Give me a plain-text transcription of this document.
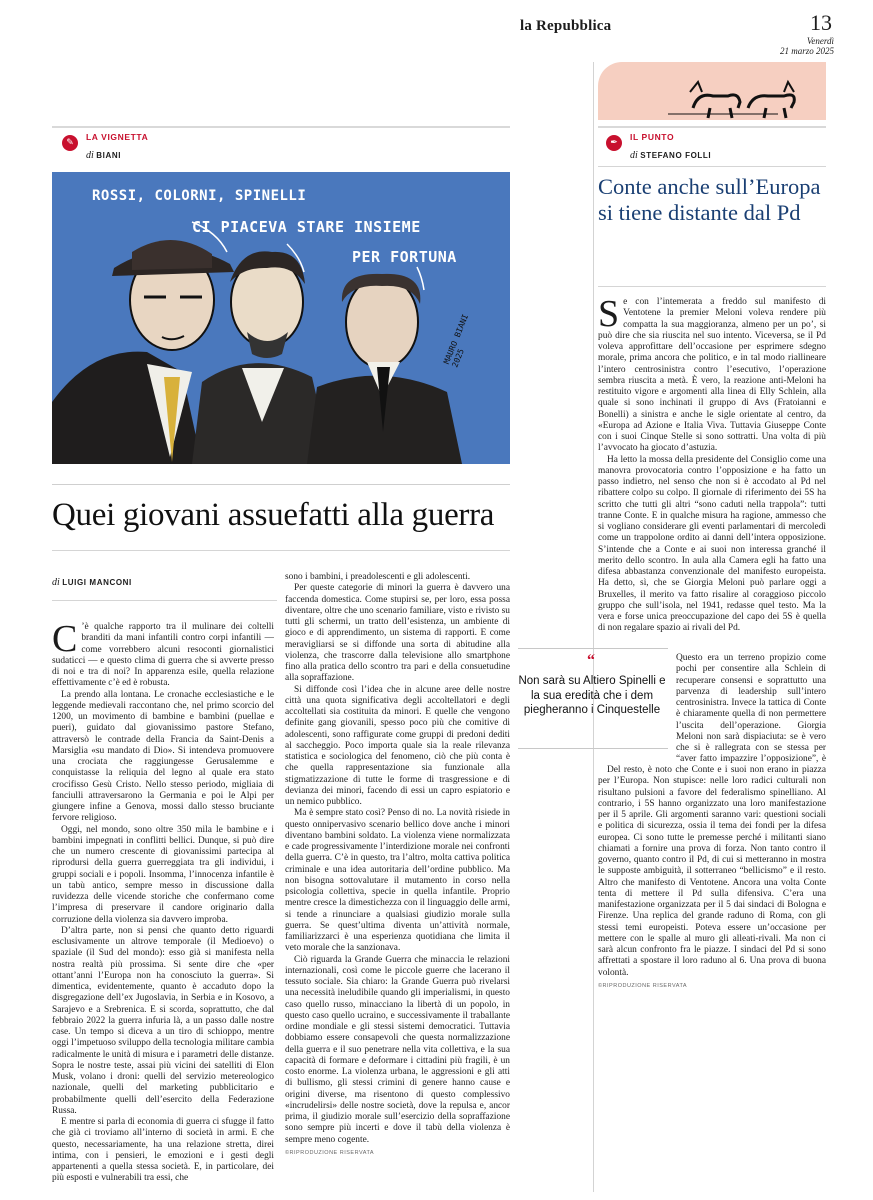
la Repubblica	13
Venerdì
21 marzo 2025
✎
LA VIGNETTA
di BIANI
ROSSI, COLORNI, SPINELLI
CI PIACEVA STARE INSIEME
PER FORTUNA
MAURO BIANI 2025
Quei giovani assuefatti alla guerra
di LUIGI MANCONI

C ’è qualche rapporto tra il mulinare dei coltelli branditi da mani infantili contro corpi infantili — come vorrebbero alcuni resoconti giornalistici sudaticci — e questo clima di guerra che si avverte presso di noi e tra di noi? In apparenza esile, quella relazione effettivamente c’è ed è robusta.

La prendo alla lontana. Le cronache ecclesiastiche e le leggende medievali raccontano che, nel primo scorcio del 1200, un movimento di bambine e bambini (puellae e pueri), guidato dal giovanissimo pastore Stefano, attraversò le contrade della Francia da Saint-Denis a Marsiglia «su mandato di Dio». Si intendeva promuovere una crociata che raggiungesse Gerusalemme e conquistasse la reliquia del legno al quale era stato crocifisso Gesù Cristo. Nello stesso periodo, migliaia di fanciulli attraversarono la Germania e poi le Alpi per giungere infine a Genova, mossi dallo stesso bruciante fervore religioso.

Oggi, nel mondo, sono oltre 350 mila le bambine e i bambini impegnati in conflitti bellici. Dunque, si può dire che un numero crescente di giovanissimi partecipa al riprodursi della guerra guerreggiata tra gli individui, i gruppi sociali e i popoli. Insomma, l’innocenza infantile è un tabù antico, sempre messo in discussione dalla ruvidezza delle vicende storiche che confermano come l’impresa di preservare il candore originario dalla corruzione della violenza sia davvero improba.

D’altra parte, non si pensi che quanto detto riguardi esclusivamente un altrove temporale (il Medioevo) o spaziale (il Sud del mondo): esso già si manifesta nella nostra realtà più prossima. Si sente dire che «per ottant’anni l’Europa non ha conosciuto la guerra». Si dimentica, evidentemente, quanto è accaduto dopo la disgregazione dell’ex Jugoslavia, in Serbia e in Kosovo, a Sarajevo e a Srebrenica. E si scorda, soprattutto, che dal febbraio 2022 la guerra infuria là, a un passo dalle nostre case. Un tempo si diceva a un tiro di schioppo, mentre oggi l’impetuoso sviluppo della tecnologia militare cambia radicalmente le unità di misura e i parametri delle distanze. Sopra le nostre teste, assai più vicini dei satelliti di Elon Musk, volano i droni: quelli del servizio metereologico nazionale, quelli del marketing pubblicitario e probabilmente quelli dell’esercito della Federazione Russa.

E mentre si parla di economia di guerra ci sfugge il fatto che già ci troviamo all’interno di società in armi. E che questo, necessariamente, ha una relazione stretta, direi intima, con i pensieri, le emozioni e i gesti degli appartenenti a quella stessa società. E, in particolare, dei più esposti e vulnerabili tra essi, che

sono i bambini, i preadolescenti e gli adolescenti.

Per queste categorie di minori la guerra è davvero una faccenda domestica. Come stupirsi se, per loro, essa possa diventare, oltre che uno scenario familiare, visto e rivisto su tutti gli schermi, un tratto dell’esistenza, un ambiente di gioco e di apprendimento, un sistema di rapporti. E come meravigliarsi se si diffonde una sorta di abitudine alla violenza, che trascorre dalla televisione allo smartphone fino alla pratica dello scontro tra pari e della consuetudine alla sopraffazione.

Si diffonde così l’idea che in alcune aree delle nostre città una quota significativa degli accoltellatori e degli accoltellati sia costituita da minori. E quelle che vengono definite gang giovanili, spesso poco più che comitive di adolescenti, sono raffigurate come gruppi di predoni dediti al saccheggio. Poco importa quale sia la reale rilevanza statistica e sociologica del fenomeno, ciò che più conta è che quella rappresentazione sia funzionale alla stigmatizzazione di tutte le forme di trasgressione e di devianza dei minori, facendo di essi un capro espiatorio e un nemico pubblico.

Ma è sempre stato così? Penso di no. La novità risiede in questo onnipervasivo scenario bellico dove anche i minori diventano bambini soldato. La violenza viene normalizzata e cade progressivamente l’interdizione morale nei confronti della guerra. C’è in questo, tra l’altro, molta cattiva politica criminale e una idea autoritaria dell’ordine pubblico. Ma non bisogna sottovalutare il mutamento in corso nella psicologia collettiva, specie in quella infantile. Proprio mentre cresce la dimestichezza con il linguaggio delle armi, si tende a rinunciare a qualsiasi giudizio morale sulla guerra. Se quest’ultima diventa un’attività normale, familiarizzarci è una esperienza quotidiana che limita il veto morale che la sanzionava.

Ciò riguarda la Grande Guerra che minaccia le relazioni internazionali, così come le piccole guerre che lacerano il tessuto sociale. Sia chiaro: la Grande Guerra può rivelarsi una necessità ineludibile quando gli imperialismi, in questo caso quello russo, minacciano la libertà di un popolo, in questo caso quello ucraino, e successivamente il traballante ordine mondiale e gli stessi sistemi democratici. Tuttavia dobbiamo essere consapevoli che questa normalizzazione della guerra e il suo penetrare nella vita collettiva, e la sua capacità di formare e deformare i cittadini più fragili, è un costo enorme. La violenza urbana, le aggressioni e gli atti di bullismo, gli stessi crimini di genere hanno cause e origini diverse, ma risentono di questo complessivo «incrudelirsi» delle nostre società, dove la repulsa e, ancor prima, il giudizio morale sull’esercizio della sopraffazione sono sempre più incerti e dove il tabù della violenza è sempre meno cogente.

©RIPRODUZIONE RISERVATA

✒
IL PUNTO
di STEFANO FOLLI
Conte anche sull’Europa si tiene distante dal Pd

Se con l’intemerata a freddo sul manifesto di Ventotene la premier Meloni voleva rendere più compatta la sua maggioranza, almeno per un po’, si può dire che sia riuscita nel suo intento. Viceversa, se il Pd voleva approfittare dell’occasione per esprimere sdegno morale, prima ancora che politico, e in tal modo riallineare l’intero centrosinistra contro l’esecutivo, l’operazione sembra riuscita a metà. È vero, la reazione anti-Meloni ha restituito vigore e argomenti alla linea di Elly Schlein, alla quale si sono inchinati il gruppo di Avs (Fratoianni e Bonelli) a sinistra e anche le sigle orientate al centro, da «Europa ad Azione e Italia Viva. Tuttavia Giuseppe Conte con i suoi Cinque Stelle si sono sottratti. Una volta di più l’avvocato ha giocato d’astuzia.

Ha letto la mossa della presidente del Consiglio come una manovra provocatoria contro l’opposizione e ha fatto un passo indietro, nel senso che non si è accodato al Pd nel ribattere colpo su colpo. Il giornale di riferimento dei 5S ha scritto che tutti gli altri “sono caduti nella trappola”: tutti tranne Conte. E in qualche misura ha ragione, ammesso che si vogliano considerare gli eventi parlamentari di mercoledì come un trappolone ordito ai danni dell’intera opposizione. S’intende che a Conte e ai suoi non interessa granché il merito dello scontro. In aula alla Camera egli ha fatto una difesa abbastanza convenzionale del manifesto europeista. Ha detto, sì, che se Giorgia Meloni può parlare oggi a Bruxelles, il merito va fatto risalire al coraggioso piccolo gruppo che sull’isola, nel 1941, redasse quel testo. Ma la vera e forse unica preoccupazione del capo dei 5S è quella di non regalare spazio ai rivali del Pd.

Questo era un terreno propizio come pochi per consentire alla Schlein di recuperare consensi e soprattutto una parvenza di leadership sull’intero centrosinistra. Invece la tattica di Conte è chiaramente quella di non permettere l’uscita dell’operazione. Giorgia Meloni non sarà dispiaciuta: se è vero che si è rallegrata con se stessa per “aver fatto impazzire l’opposizione”, è

Del resto, è noto che Conte e i suoi non erano in piazza per l’Europa. Non stupisce: nelle loro radici culturali non risultano pulsioni a favore del federalismo spinelliano. Al contrario, i 5S hanno organizzato una loro manifestazione per il 5 aprile. Gli argomenti saranno vari: questioni sociali e politica di sicurezza, ossia il tema dei fondi per la difesa europea. Ci sono tutte le premesse perché i militanti siano chiamati a fornire una prova di forza. Non tanto contro il governo, quanto contro il Pd, di cui si metteranno in mostra le supposte ambiguità, il sotterraneo “bellicismo” e il resto. Altro che manifesto di Ventotene. Ancora una volta Conte tenta di mettere il Pd sulla difensiva. C’era una manifestazione organizzata per il 5 dai sindaci di Bologna e Firenze. Una replica del grande raduno di Roma, con gli stessi temi europeisti. Poteva essere un’occasione per mettere con le spalle al muro gli alleati-rivali. Ma non ci sarà alcun confronto fra le piazze. I sindaci del Pd si sono affrettati a spostare il loro raduno al 6. Una prova di buona volontà.

©RIPRODUZIONE RISERVATA

“
Non sarà su Altiero Spinelli e la sua eredità che i dem piegheranno i Cinquestelle
